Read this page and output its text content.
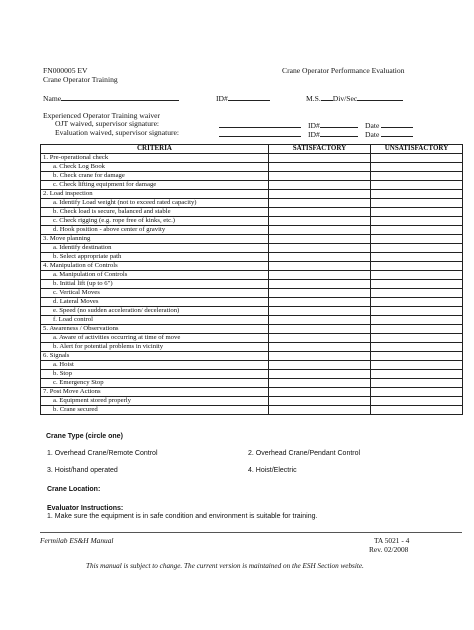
FN000005 EV
Crane Operator Training
Crane Operator Performance Evaluation
Name	ID#	M.S. Div/Sec
Experienced Operator Training waiver
OJT waived, supervisor signature:	ID#	Date
Evaluation waived, supervisor signature:	ID#	Date
CRITERIA	SATISFACTORY	UNSATISFACTORY
1. Pre-operational check		
a. Check Log Book		
b. Check crane for damage		
c. Check lifting equipment for damage		
2. Load inspection		
a. Identify Load weight (not to exceed rated capacity)		
b. Check load is secure, balanced and stable		
c. Check rigging (e.g. rope free of kinks, etc.)		
d. Hook position - above center of gravity		
3. Move planning		
a. Identify destination		
b. Select appropriate path		
4. Manipulation of Controls		
a. Manipulation of Controls		
b. Initial lift (up to 6")		
c. Vertical Moves		
d. Lateral Moves		
e. Speed (no sudden acceleration/ deceleration)		
f. Load control		
5. Awareness / Observations		
a. Aware of activities occurring at time of move		
b. Alert for potential problems in vicinity		
6. Signals		
a. Hoist		
b. Stop		
c. Emergency Stop		
7. Post Move Actions		
a. Equipment stored properly		
b. Crane secured		
Crane Type (circle one)
1. Overhead Crane/Remote Control	2. Overhead Crane/Pendant Control
3. Hoist/hand operated	4. Hoist/Electric
Crane Location:
Evaluator Instructions:
1. Make sure the equipment is in safe condition and environment is suitable for training.
Fermilab ES&H Manual	TA 5021 - 4
Rev. 02/2008
This manual is subject to change. The current version is maintained on the ESH Section website.
